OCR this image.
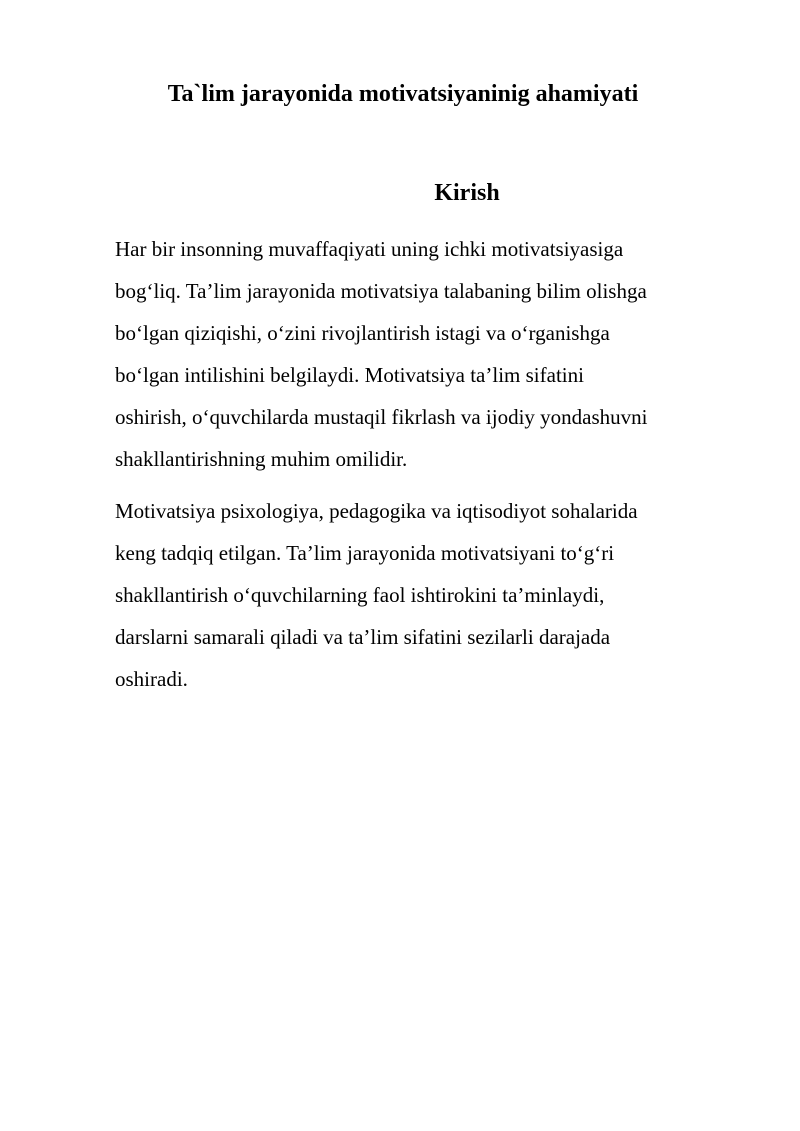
Ta`lim jarayonida motivatsiyaninig ahamiyati
Kirish

Har bir insonning muvaffaqiyati uning ichki motivatsiyasiga
bog‘liq. Ta’lim jarayonida motivatsiya talabaning bilim olishga
bo‘lgan qiziqishi, o‘zini rivojlantirish istagi va o‘rganishga
bo‘lgan intilishini belgilaydi. Motivatsiya ta’lim sifatini
oshirish, o‘quvchilarda mustaqil fikrlash va ijodiy yondashuvni
shakllantirishning muhim omilidir.

Motivatsiya psixologiya, pedagogika va iqtisodiyot sohalarida
keng tadqiq etilgan. Ta’lim jarayonida motivatsiyani to‘g‘ri
shakllantirish o‘quvchilarning faol ishtirokini ta’minlaydi,
darslarni samarali qiladi va ta’lim sifatini sezilarli darajada
oshiradi.
